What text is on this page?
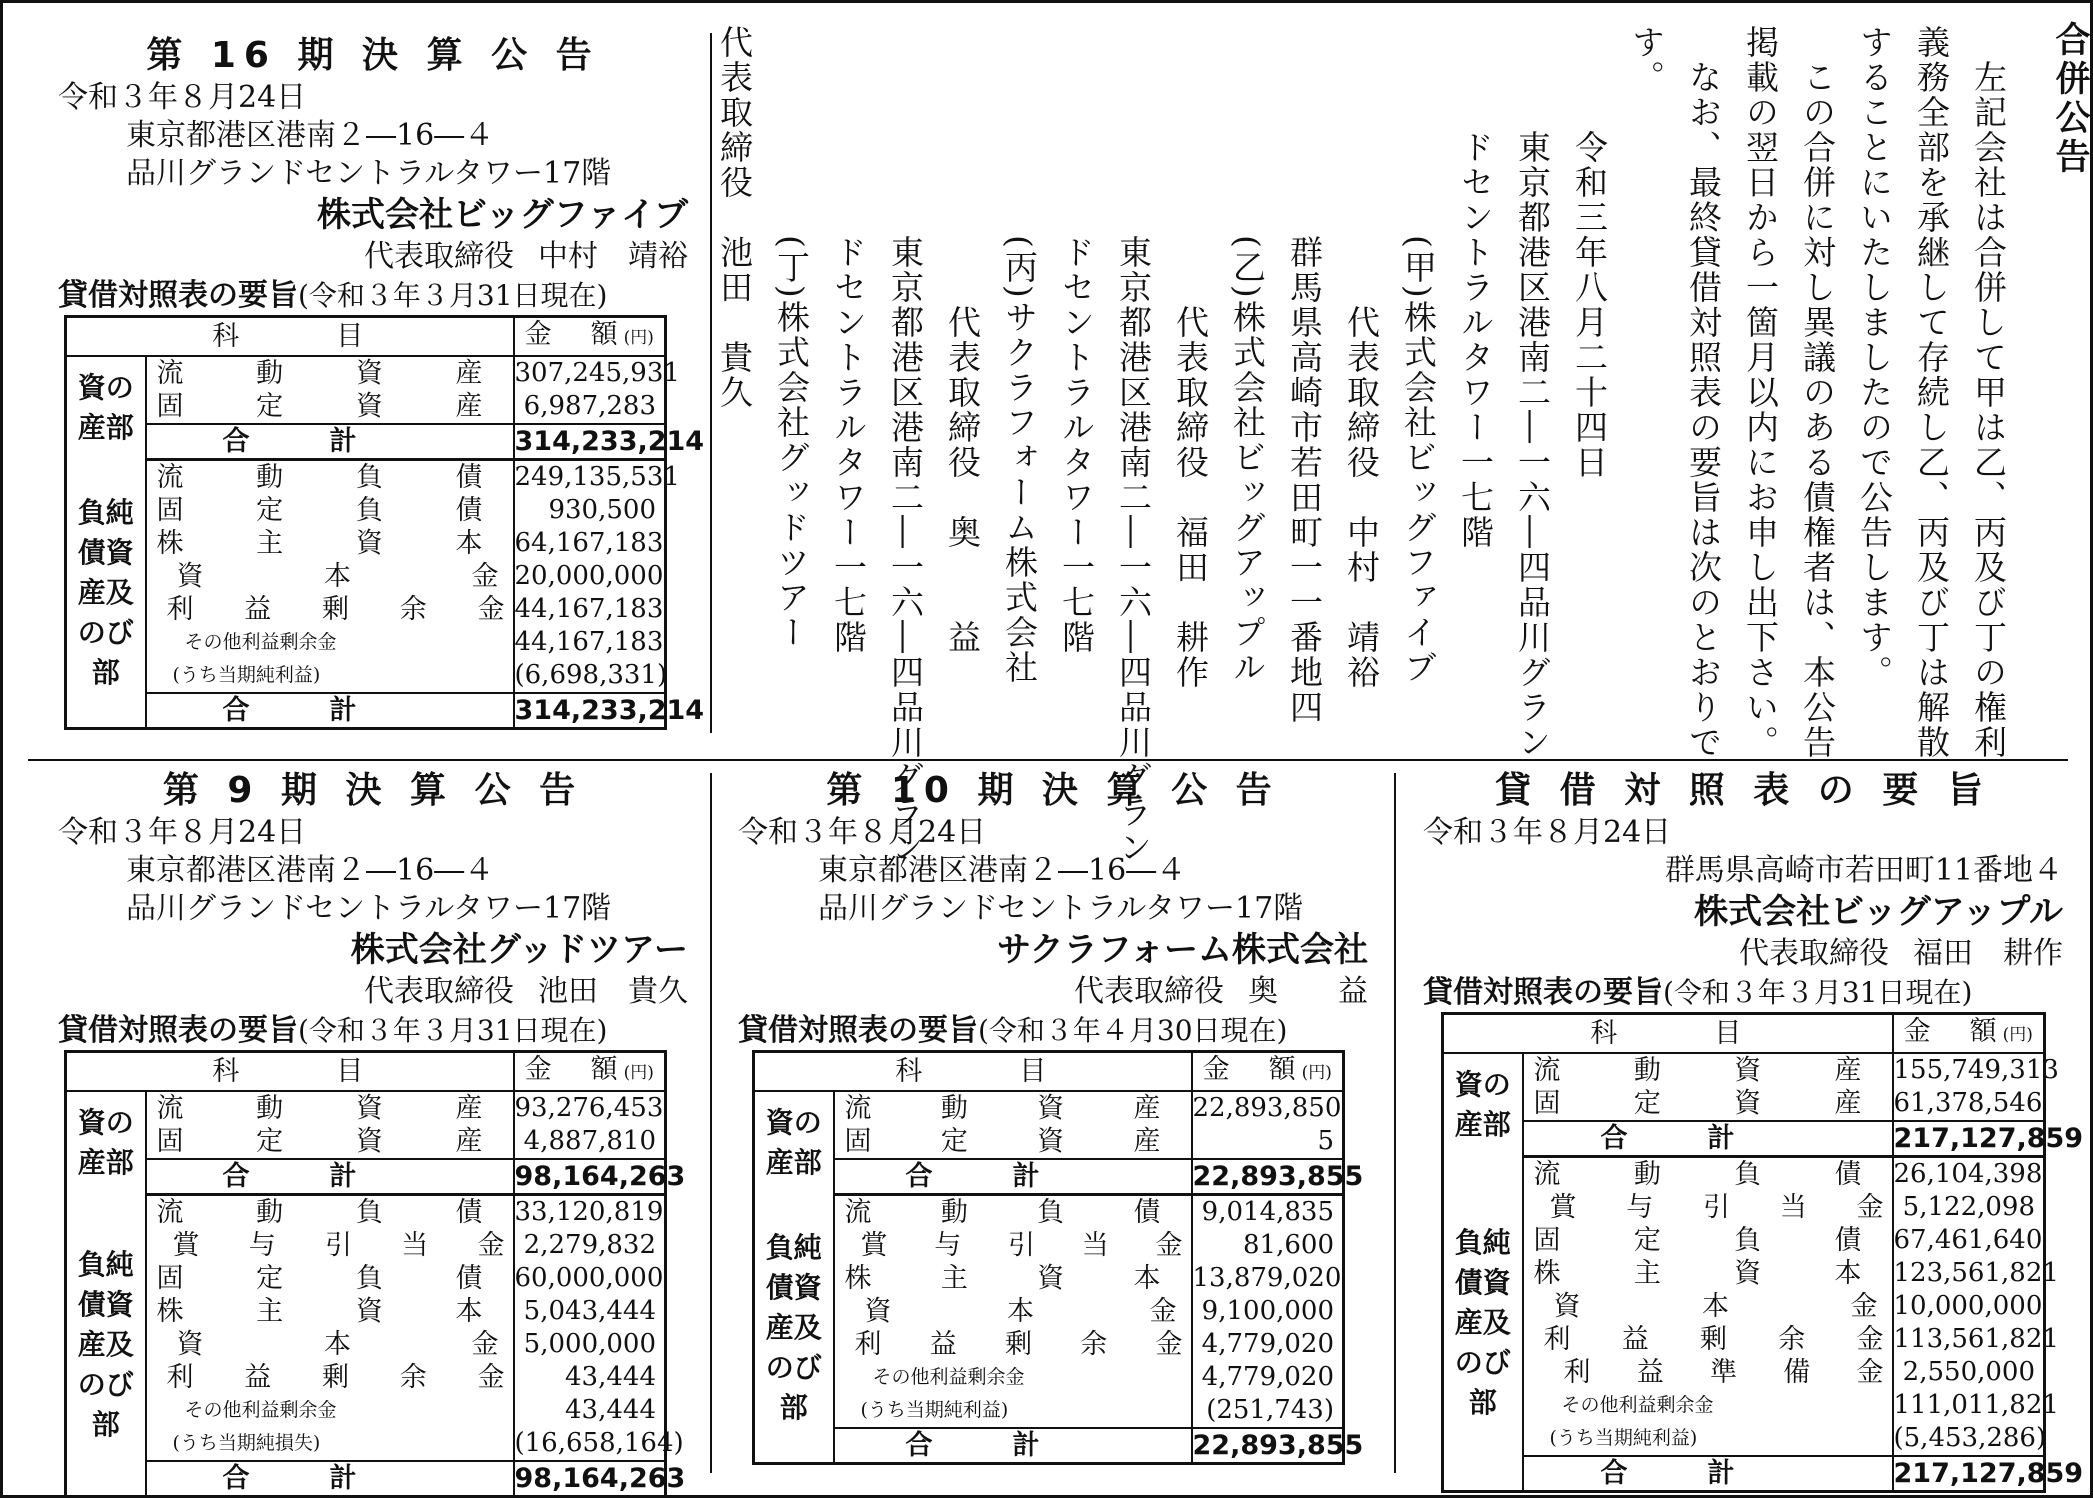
合併公告
左記会社は合併して甲は乙、丙及び丁の権利
義務全部を承継して存続し乙、丙及び丁は解散
することにいたしましたので公告します。
この合併に対し異議のある債権者は、本公告
掲載の翌日から一箇月以内にお申し出下さい。
なお、最終貸借対照表の要旨は次のとおりで
す。
令和三年八月二十四日
東京都港区港南二―一六―四品川グラン
ドセントラルタワー一七階
(甲)株式会社ビッグファイブ
代表取締役　中村　靖裕
群馬県高崎市若田町一一番地四
(乙)株式会社ビッグアップル
代表取締役　福田　耕作
東京都港区港南二―一六―四品川グラン
ドセントラルタワー一七階
(丙)サクラフォーム株式会社
代表取締役　奥　　益
東京都港区港南二―一六―四品川グラン
ドセントラルタワー一七階
(丁)株式会社グッドツアー
代表取締役　池田　貴久
第 16 期 決 算 公 告
令和３年８月24日
東京都港区港南２―16―４
品川グランドセントラルタワー17階
株式会社ビッグファイブ
代表取締役 中村　靖裕
貸借対照表の要旨(令和３年３月31日現在)
科　　　目		金　額(円)
資の産部	流動資産	307,245,931
	固定資産	6,987,283
	合計	314,233,214
負純債資産及のび部	流動負債	249,135,531
	固定負債	930,500
	株主資本	64,167,183
	資本金	20,000,000
	利益剰余金	44,167,183
	その他利益剰余金	44,167,183
	(うち当期純利益)	(6,698,331)
	合計	314,233,214
第 9 期 決 算 公 告
令和３年８月24日
東京都港区港南２―16―４
品川グランドセントラルタワー17階
株式会社グッドツアー
代表取締役 池田　貴久
貸借対照表の要旨(令和３年３月31日現在)
科　　　目		金　額(円)
資の産部	流動資産	93,276,453
	固定資産	4,887,810
	合計	98,164,263
負純債資産及のび部	流動負債	33,120,819
	賞与引当金	2,279,832
	固定負債	60,000,000
	株主資本	5,043,444
	資本金	5,000,000
	利益剰余金	43,444
	その他利益剰余金	43,444
	(うち当期純損失)	(16,658,164)
	合計	98,164,263
第 10 期 決 算 公 告
令和３年８月24日
東京都港区港南２―16―４
品川グランドセントラルタワー17階
サクラフォーム株式会社
代表取締役 奥　　益
貸借対照表の要旨(令和３年４月30日現在)
科　　　目		金　額(円)
資の産部	流動資産	22,893,850
	固定資産	5
	合計	22,893,855
負純債資産及のび部	流動負債	9,014,835
	賞与引当金	81,600
	株主資本	13,879,020
	資本金	9,100,000
	利益剰余金	4,779,020
	その他利益剰余金	4,779,020
	(うち当期純利益)	(251,743)
	合計	22,893,855
貸 借 対 照 表 の 要 旨
令和３年８月24日
群馬県高崎市若田町11番地４
株式会社ビッグアップル
代表取締役 福田　耕作
貸借対照表の要旨(令和３年３月31日現在)
科　　　目		金　額(円)
資の産部	流動資産	155,749,313
	固定資産	61,378,546
	合計	217,127,859
負純債資産及のび部	流動負債	26,104,398
	賞与引当金	5,122,098
	固定負債	67,461,640
	株主資本	123,561,821
	資本金	10,000,000
	利益剰余金	113,561,821
	利益準備金	2,550,000
	その他利益剰余金	111,011,821
	(うち当期純利益)	(5,453,286)
	合計	217,127,859
